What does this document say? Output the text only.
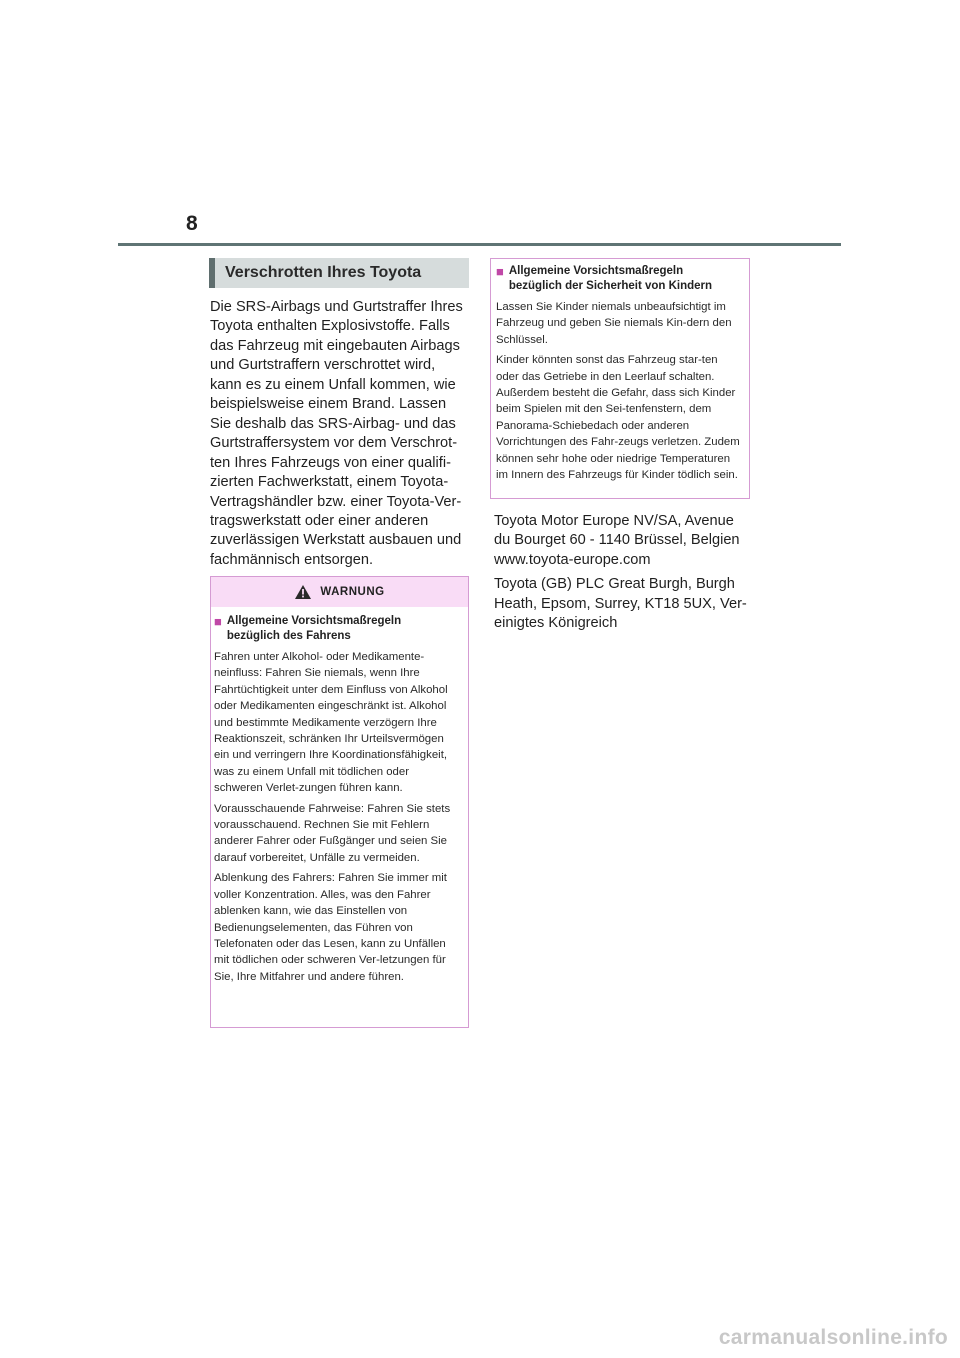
8
Verschrotten Ihres Toyota

Die SRS-Airbags und Gurtstraffer Ihres Toyota enthalten Explosivstoffe. Falls das Fahrzeug mit eingebauten Airbags und Gurtstraffern verschrottet wird, kann es zu einem Unfall kommen, wie beispielsweise einem Brand. Lassen Sie deshalb das SRS-Airbag- und das Gurtstraffersystem vor dem Verschrot-ten Ihres Fahrzeugs von einer qualifi-zierten Fachwerkstatt, einem Toyota-Vertragshändler bzw. einer Toyota-Ver-tragswerkstatt oder einer anderen zuverlässigen Werkstatt ausbauen und fachmännisch entsorgen.

WARNUNG
■ Allgemeine Vorsichtsmaßregeln
bezüglich des Fahrens

Fahren unter Alkohol- oder Medikamente-neinfluss: Fahren Sie niemals, wenn Ihre Fahrtüchtigkeit unter dem Einfluss von Alkohol oder Medikamenten eingeschränkt ist. Alkohol und bestimmte Medikamente verzögern Ihre Reaktionszeit, schränken Ihr Urteilsvermögen ein und verringern Ihre Koordinationsfähigkeit, was zu einem Unfall mit tödlichen oder schweren Verlet-zungen führen kann.

Vorausschauende Fahrweise: Fahren Sie stets vorausschauend. Rechnen Sie mit Fehlern anderer Fahrer oder Fußgänger und seien Sie darauf vorbereitet, Unfälle zu vermeiden.

Ablenkung des Fahrers: Fahren Sie immer mit voller Konzentration. Alles, was den Fahrer ablenken kann, wie das Einstellen von Bedienungselementen, das Führen von Telefonaten oder das Lesen, kann zu Unfällen mit tödlichen oder schweren Ver-letzungen für Sie, Ihre Mitfahrer und andere führen.

■ Allgemeine Vorsichtsmaßregeln
bezüglich der Sicherheit von Kindern

Lassen Sie Kinder niemals unbeaufsichtigt im Fahrzeug und geben Sie niemals Kin-dern den Schlüssel.

Kinder könnten sonst das Fahrzeug star-ten oder das Getriebe in den Leerlauf schalten. Außerdem besteht die Gefahr, dass sich Kinder beim Spielen mit den Sei-tenfenstern, dem Panorama-Schiebedach oder anderen Vorrichtungen des Fahr-zeugs verletzen. Zudem können sehr hohe oder niedrige Temperaturen im Innern des Fahrzeugs für Kinder tödlich sein.

Toyota Motor Europe NV/SA, Avenue du Bourget 60 - 1140 Brüssel, Belgien www.toyota-europe.com

Toyota (GB) PLC Great Burgh, Burgh Heath, Epsom, Surrey, KT18 5UX, Ver-einigtes Königreich

carmanualsonline.info
